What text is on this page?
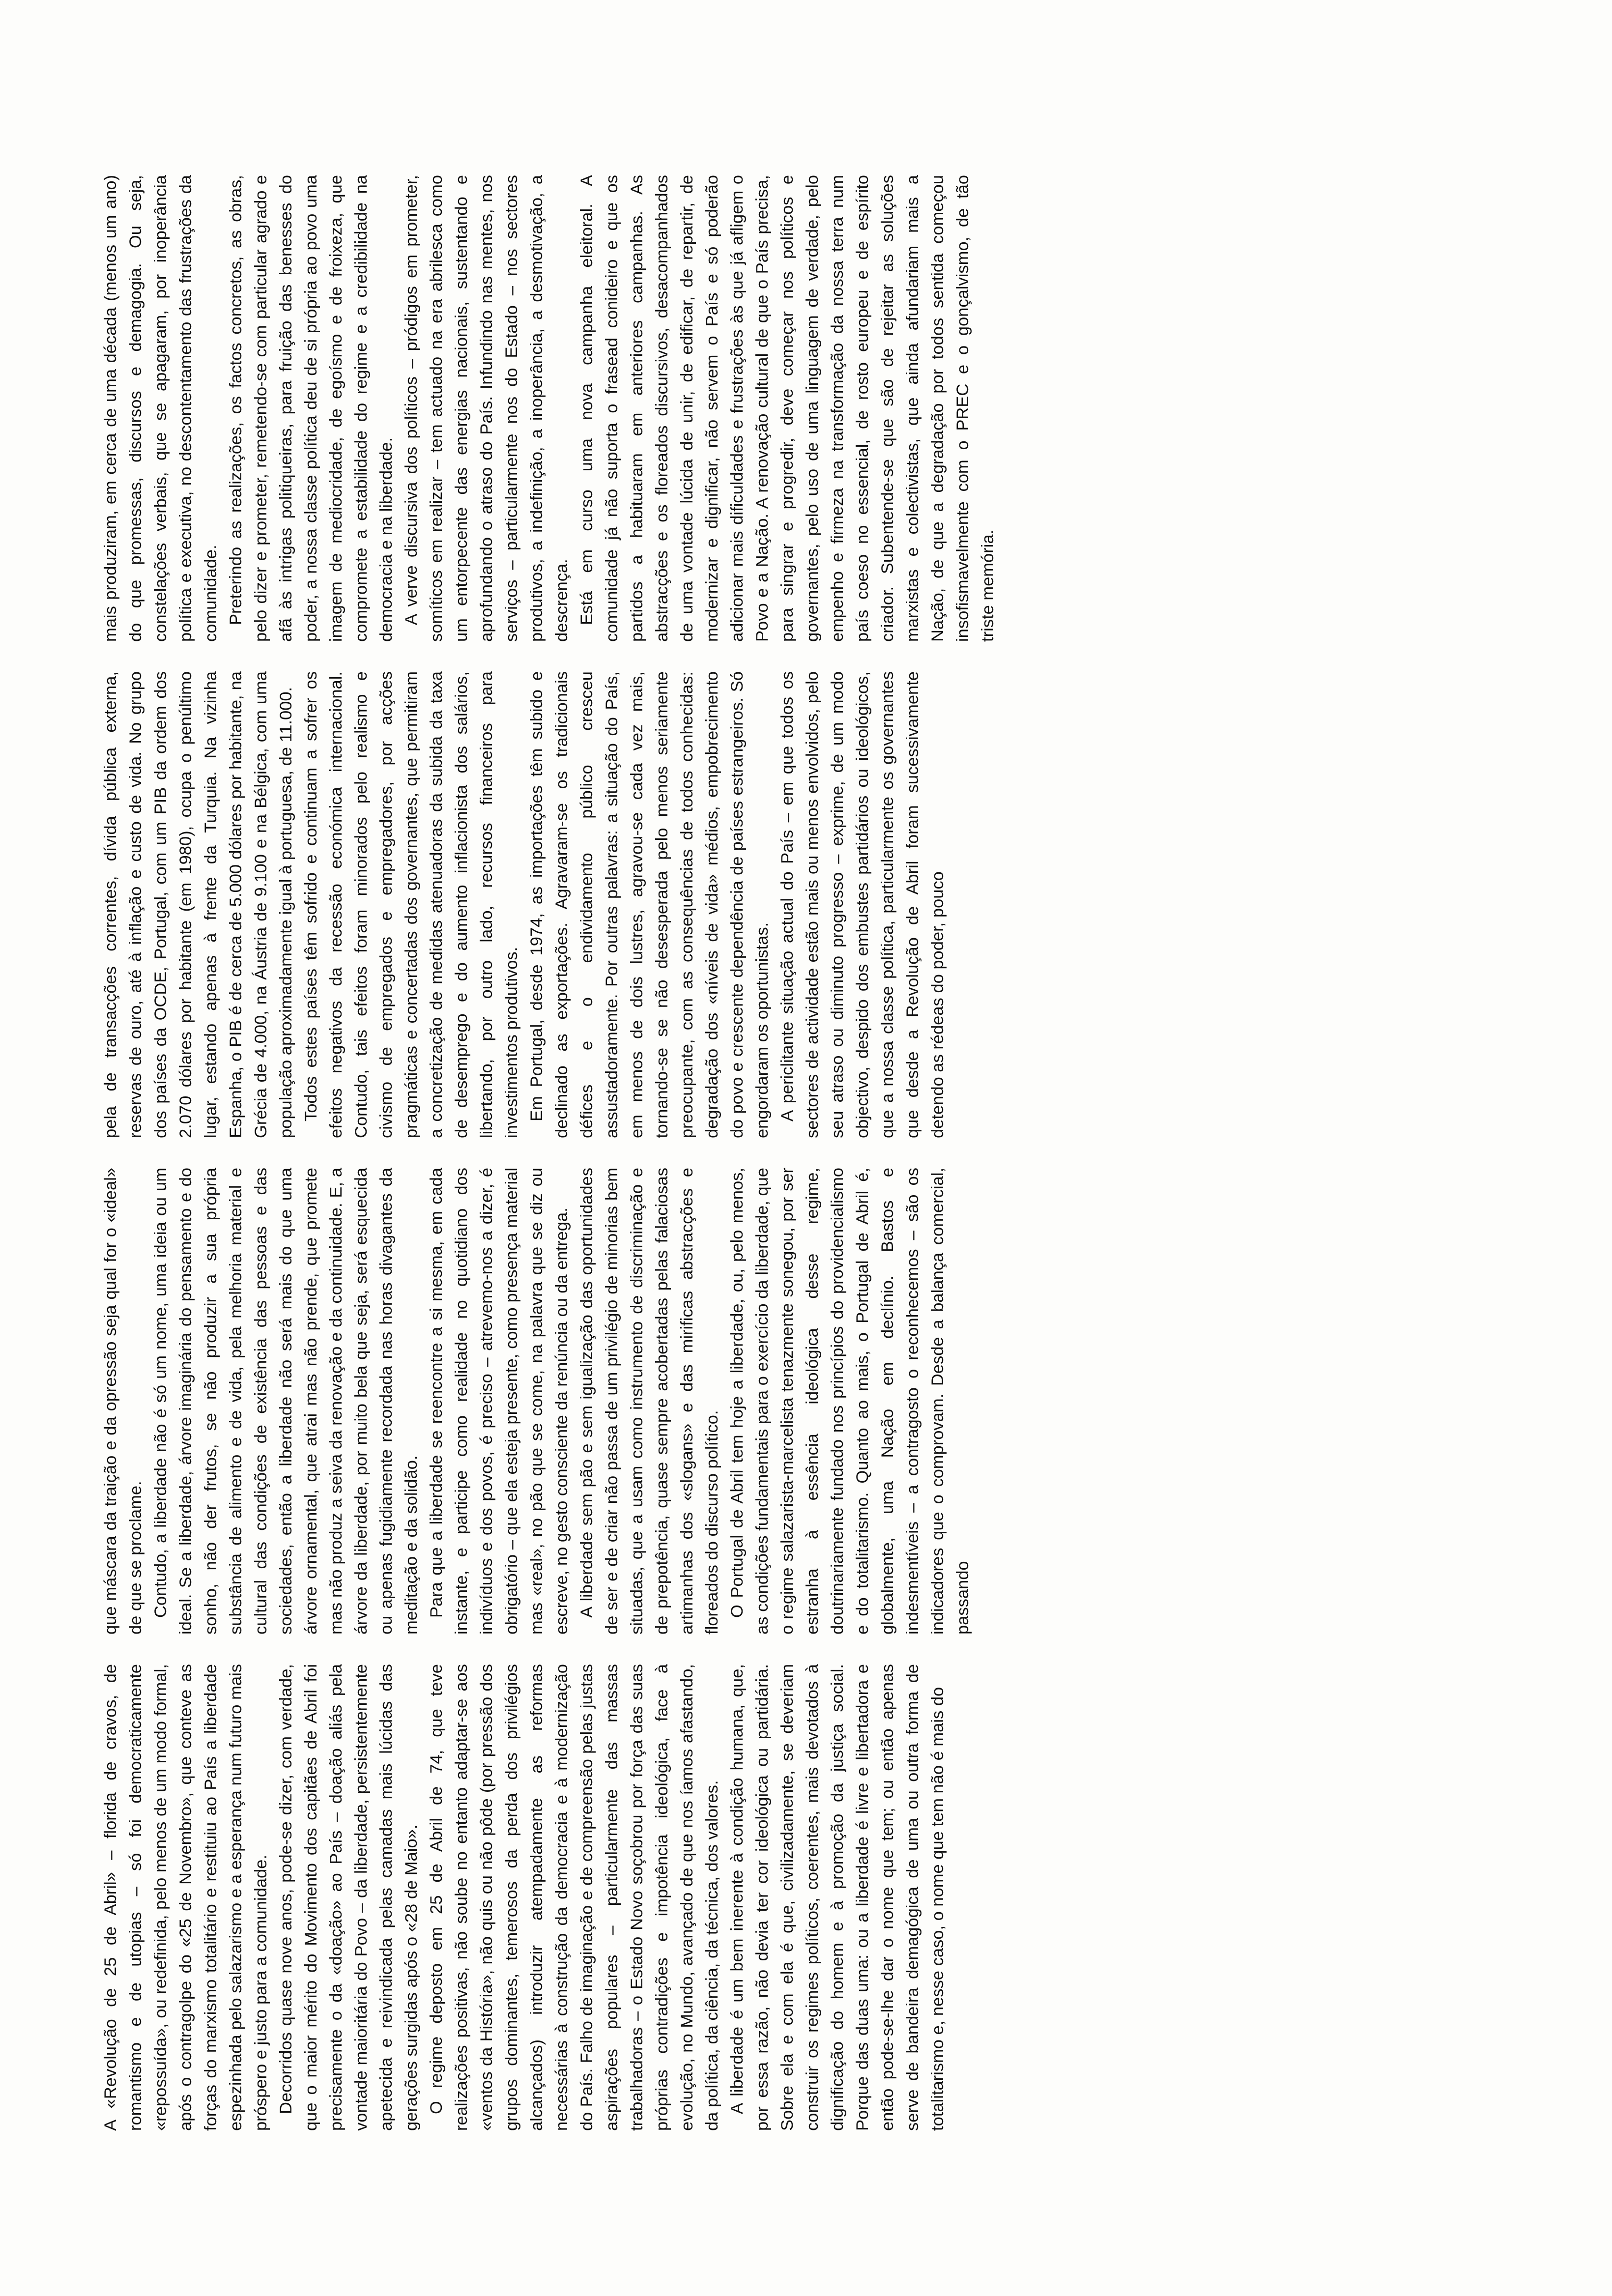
A «Revolução de 25 de Abril» – florida de cravos, de romantismo e de utopias – só foi democraticamente «repossuída», ou redefinida, pelo menos de um modo formal, após o contragolpe do «25 de Novembro», que conteve as forças do marxismo totalitário e restituiu ao País a liberdade espezinhada pelo salazarismo e a esperança num futuro mais próspero e justo para a comunidade. Decorridos quase nove anos, pode-se dizer, com verdade, que o maior mérito do Movimento dos capitães de Abril foi precisamente o da «doação» ao País – doação aliás pela vontade maioritária do Povo – da liberdade, persistentemente apetecida e reivindicada pelas camadas mais lúcidas das gerações surgidas após o «28 de Maio». O regime deposto em 25 de Abril de 74, que teve realizações positivas, não soube no entanto adaptar-se aos «ventos da História», não quis ou não pôde (por pressão dos grupos dominantes, temerosos da perda dos privilégios alcançados) introduzir atempadamente as reformas necessárias à construção da democracia e à modernização do País. Falho de imaginação e de compreensão pelas justas aspirações populares – particularmente das massas trabalhadoras – o Estado Novo soçobrou por força das suas próprias contradições e impotência ideológica, face à evolução, no Mundo, avançado de que nos íamos afastando, da política, da ciência, da técnica, dos valores. A liberdade é um bem inerente à condição humana, que, por essa razão, não devia ter cor ideológica ou partidária. Sobre ela e com ela é que, civilizadamente, se deveriam construir os regimes políticos, coerentes, mais devotados à dignificação do homem e à promoção da justiça social. Porque das duas uma: ou a liberdade é livre e libertadora e então pode-se-lhe dar o nome que tem; ou então apenas serve de bandeira demagógica de uma ou outra forma de totalitarismo e, nesse caso, o nome que tem não é mais do

que máscara da traição e da opressão seja qual for o «ideal» de que se proclame. Contudo, a liberdade não é só um nome, uma ideia ou um ideal. Se a liberdade, árvore imaginária do pensamento e do sonho, não der frutos, se não produzir a sua própria substância de alimento e de vida, pela melhoria material e cultural das condições de existência das pessoas e das sociedades, então a liberdade não será mais do que uma árvore ornamental, que atrai mas não prende, que promete mas não produz a seiva da renovação e da continuidade. E, a árvore da liberdade, por muito bela que seja, será esquecida ou apenas fugidiamente recordada nas horas divagantes da meditação e da solidão. Para que a liberdade se reencontre a si mesma, em cada instante, e participe como realidade no quotidiano dos indivíduos e dos povos, é preciso – atrevemo-nos a dizer, é obrigatório – que ela esteja presente, como presença material mas «real», no pão que se come, na palavra que se diz ou escreve, no gesto consciente da renúncia ou da entrega. A liberdade sem pão e sem igualização das oportunidades de ser e de criar não passa de um privilégio de minorias bem situadas, que a usam como instrumento de discriminação e de prepotência, quase sempre acobertadas pelas falaciosas artimanhas dos «slogans» e das mirificas abstracções e floreados do discurso político. O Portugal de Abril tem hoje a liberdade, ou, pelo menos, as condições fundamentais para o exercício da liberdade, que o regime salazarista-marcelista tenazmente sonegou, por ser estranha à essência ideológica desse regime, doutrinariamente fundado nos princípios do providencialismo e do totalitarismo. Quanto ao mais, o Portugal de Abril é, globalmente, uma Nação em declínio. Bastos e indesmentíveis – a contragosto o reconhecemos – são os indicadores que o comprovam. Desde a balança comercial, passando

pela de transacções correntes, dívida pública externa, reservas de ouro, até à inflação e custo de vida. No grupo dos países da OCDE, Portugal, com um PIB da ordem dos 2.070 dólares por habitante (em 1980), ocupa o penúltimo lugar, estando apenas à frente da Turquia. Na vizinha Espanha, o PIB é de cerca de 5.000 dólares por habitante, na Grécia de 4.000, na Áustria de 9.100 e na Bélgica, com uma população aproximadamente igual à portuguesa, de 11.000. Todos estes países têm sofrido e continuam a sofrer os efeitos negativos da recessão económica internacional. Contudo, tais efeitos foram minorados pelo realismo e civismo de empregados e empregadores, por acções pragmáticas e concertadas dos governantes, que permitiram a concretização de medidas atenuadoras da subida da taxa de desemprego e do aumento inflacionista dos salários, libertando, por outro lado, recursos financeiros para investimentos produtivos. Em Portugal, desde 1974, as importações têm subido e declinado as exportações. Agravaram-se os tradicionais défices e o endividamento público cresceu assustadoramente. Por outras palavras: a situação do País, em menos de dois lustres, agravou-se cada vez mais, tornando-se se não desesperada pelo menos seriamente preocupante, com as consequências de todos conhecidas: degradação dos «níveis de vida» médios, empobrecimento do povo e crescente dependência de países estrangeiros. Só engordaram os oportunistas. A periclitante situação actual do País – em que todos os sectores de actividade estão mais ou menos envolvidos, pelo seu atraso ou diminuto progresso – exprime, de um modo objectivo, despido dos embustes partidários ou ideológicos, que a nossa classe política, particularmente os governantes que desde a Revolução de Abril foram sucessivamente detendo as rédeas do poder, pouco

mais produziram, em cerca de uma década (menos um ano) do que promessas, discursos e demagogia. Ou seja, constelações verbais, que se apagaram, por inoperância política e executiva, no descontentamento das frustrações da comunidade. Preterindo as realizações, os factos concretos, as obras, pelo dizer e prometer, remetendo-se com particular agrado e afã às intrigas politiqueiras, para fruição das benesses do poder, a nossa classe política deu de si própria ao povo uma imagem de mediocridade, de egoísmo e de froixeza, que compromete a estabilidade do regime e a credibilidade na democracia e na liberdade. A verve discursiva dos políticos – pródigos em prometer, somíticos em realizar – tem actuado na era abrilesca como um entorpecente das energias nacionais, sustentando e aprofundando o atraso do País. Infundindo nas mentes, nos serviços – particularmente nos do Estado – nos sectores produtivos, a indefinição, a inoperância, a desmotivação, a descrença. Está em curso uma nova campanha eleitoral. A comunidade já não suporta o frasead conideiro e que os partidos a habituaram em anteriores campanhas. As abstracções e os floreados discursivos, desacompanhados de uma vontade lúcida de unir, de edificar, de repartir, de modernizar e dignificar, não servem o País e só poderão adicionar mais dificuldades e frustrações às que já afligem o Povo e a Nação. A renovação cultural de que o País precisa, para singrar e progredir, deve começar nos políticos e governantes, pelo uso de uma linguagem de verdade, pelo empenho e firmeza na transformação da nossa terra num país coeso no essencial, de rosto europeu e de espírito criador. Subentende-se que são de rejeitar as soluções marxistas e colectivistas, que ainda afundariam mais a Nação, de que a degradação por todos sentida começou insofismavelmente com o PREC e o gonçalvismo, de tão triste memória.
